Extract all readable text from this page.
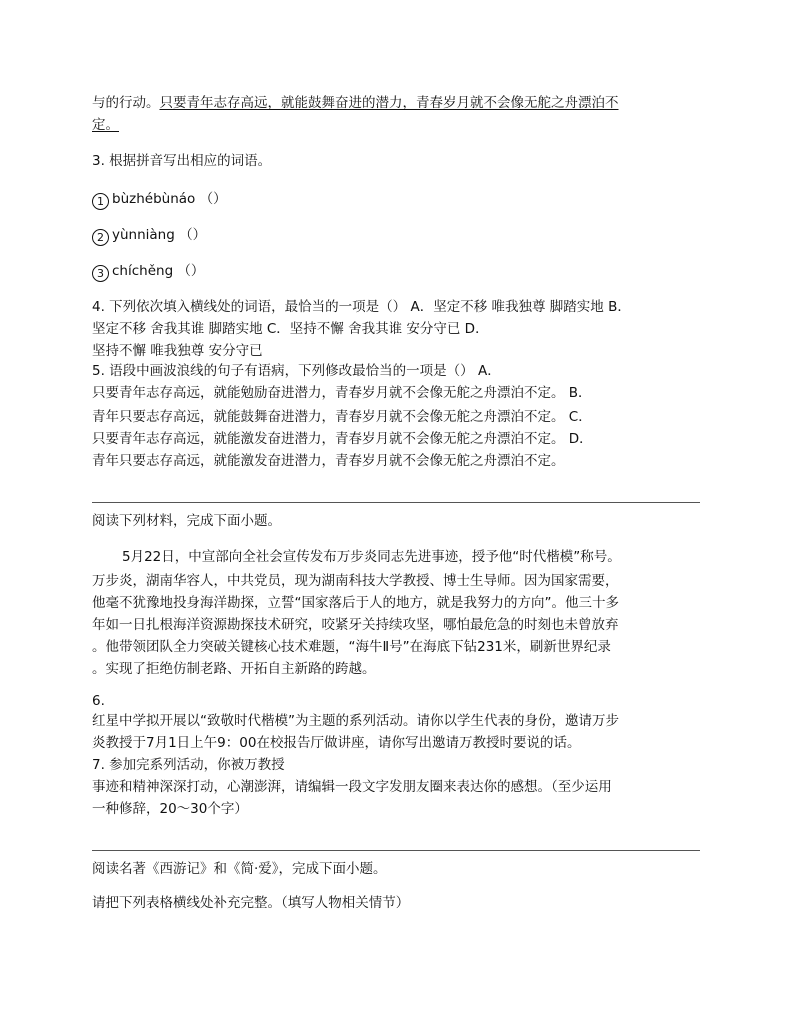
与的行动。只要青年志存高远，就能鼓舞奋进的潜力，青春岁月就不会像无舵之舟漂泊不
定。
3. 根据拼音写出相应的词语。
1 bùzhébùnáo （）
2 yùnniàng （）
3 chíchěng （）
4. 下列依次填入横线处的词语，最恰当的一项是（） A．坚定不移 唯我独尊 脚踏实地 B．
坚定不移 舍我其谁 脚踏实地 C．坚持不懈 舍我其谁 安分守已 D．
坚持不懈 唯我独尊 安分守已
5. 语段中画波浪线的句子有语病，下列修改最恰当的一项是（） A．
只要青年志存高远，就能勉励奋进潜力，青春岁月就不会像无舵之舟漂泊不定。 B．
青年只要志存高远，就能鼓舞奋进潜力，青春岁月就不会像无舵之舟漂泊不定。 C．
只要青年志存高远，就能激发奋进潜力，青春岁月就不会像无舵之舟漂泊不定。 D．
青年只要志存高远，就能激发奋进潜力，青春岁月就不会像无舵之舟漂泊不定。
阅读下列材料，完成下面小题。
5月22日，中宣部向全社会宣传发布万步炎同志先进事迹，授予他“时代楷模”称号。
万步炎，湖南华容人，中共党员，现为湖南科技大学教授、博士生导师。因为国家需要，
他毫不犹豫地投身海洋勘探，立誓“国家落后于人的地方，就是我努力的方向”。他三十多
年如一日扎根海洋资源勘探技术研究，咬紧牙关持续攻坚，哪怕最危急的时刻也未曾放弃
。他带领团队全力突破关键核心技术难题，“海牛Ⅱ号”在海底下钻231米，刷新世界纪录
。实现了拒绝仿制老路、开拓自主新路的跨越。
6.
红星中学拟开展以“致敬时代楷模”为主题的系列活动。请你以学生代表的身份，邀请万步
炎教授于7月1日上午9：00在校报告厅做讲座，请你写出邀请万教授时要说的话。
7. 参加完系列活动，你被万教授
事迹和精神深深打动，心潮澎湃，请编辑一段文字发朋友圈来表达你的感想。（至少运用
一种修辞，20～30个字）
阅读名著《西游记》和《简·爱》，完成下面小题。
请把下列表格横线处补充完整。（填写人物相关情节）
